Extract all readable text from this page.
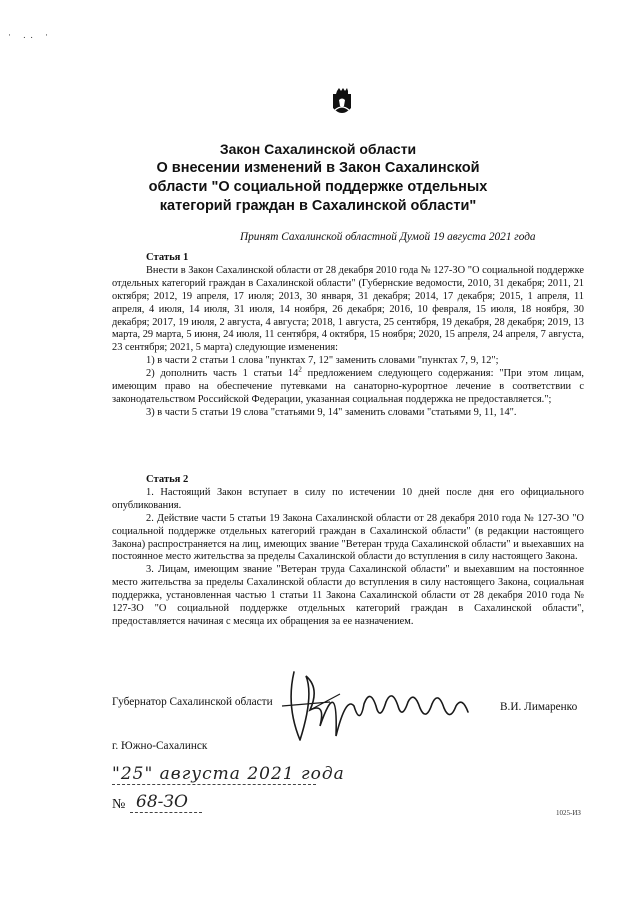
· .. ·
Закон Сахалинской области
О внесении изменений в Закон Сахалинской
области "О социальной поддержке отдельных
категорий граждан в Сахалинской области"
Принят Сахалинской областной Думой 19 августа 2021 года

Статья 1

Внести в Закон Сахалинской области от 28 декабря 2010 года № 127-ЗО "О социальной поддержке отдельных категорий граждан в Сахалинской области" (Губернские ведомости, 2010, 31 декабря; 2011, 21 октября; 2012, 19 апреля, 17 июля; 2013, 30 января, 31 декабря; 2014, 17 декабря; 2015, 1 апреля, 11 апреля, 4 июля, 14 июля, 31 июля, 14 ноября, 26 декабря; 2016, 10 февраля, 15 июля, 18 ноября, 30 декабря; 2017, 19 июля, 2 августа, 4 августа; 2018, 1 августа, 25 сентября, 19 декабря, 28 декабря; 2019, 13 марта, 29 марта, 5 июня, 24 июля, 11 сентября, 4 октября, 15 ноября; 2020, 15 апреля, 24 апреля, 7 августа, 23 сентября; 2021, 5 марта) следующие изменения:

1) в части 2 статьи 1 слова "пунктах 7, 12" заменить словами "пунктах 7, 9, 12";

2) дополнить часть 1 статьи $14^2$ предложением следующего содержания: "При этом лицам, имеющим право на обеспечение путевками на санаторно-курортное лечение в соответствии с законодательством Российской Федерации, указанная социальная поддержка не предоставляется.";

3) в части 5 статьи 19 слова "статьями 9, 14" заменить словами "статьями 9, 11, 14".

Статья 2

1. Настоящий Закон вступает в силу по истечении 10 дней после дня его официального опубликования.

2. Действие части 5 статьи 19 Закона Сахалинской области от 28 декабря 2010 года № 127-ЗО "О социальной поддержке отдельных категорий граждан в Сахалинской области" (в редакции настоящего Закона) распространяется на лиц, имеющих звание "Ветеран труда Сахалинской области" и выехавших на постоянное место жительства за пределы Сахалинской области до вступления в силу настоящего Закона.

3. Лицам, имеющим звание "Ветеран труда Сахалинской области" и выехавшим на постоянное место жительства за пределы Сахалинской области до вступления в силу настоящего Закона, социальная поддержка, установленная частью 1 статьи 11 Закона Сахалинской области от 28 декабря 2010 года № 127-ЗО "О социальной поддержке отдельных категорий граждан в Сахалинской области", предоставляется начиная с месяца их обращения за ее назначением.

Губернатор Сахалинской области	В.И. Лимаренко
г. Южно-Сахалинск
"25" августа 2021 года
№ 68-ЗО
1025-ИЗ
